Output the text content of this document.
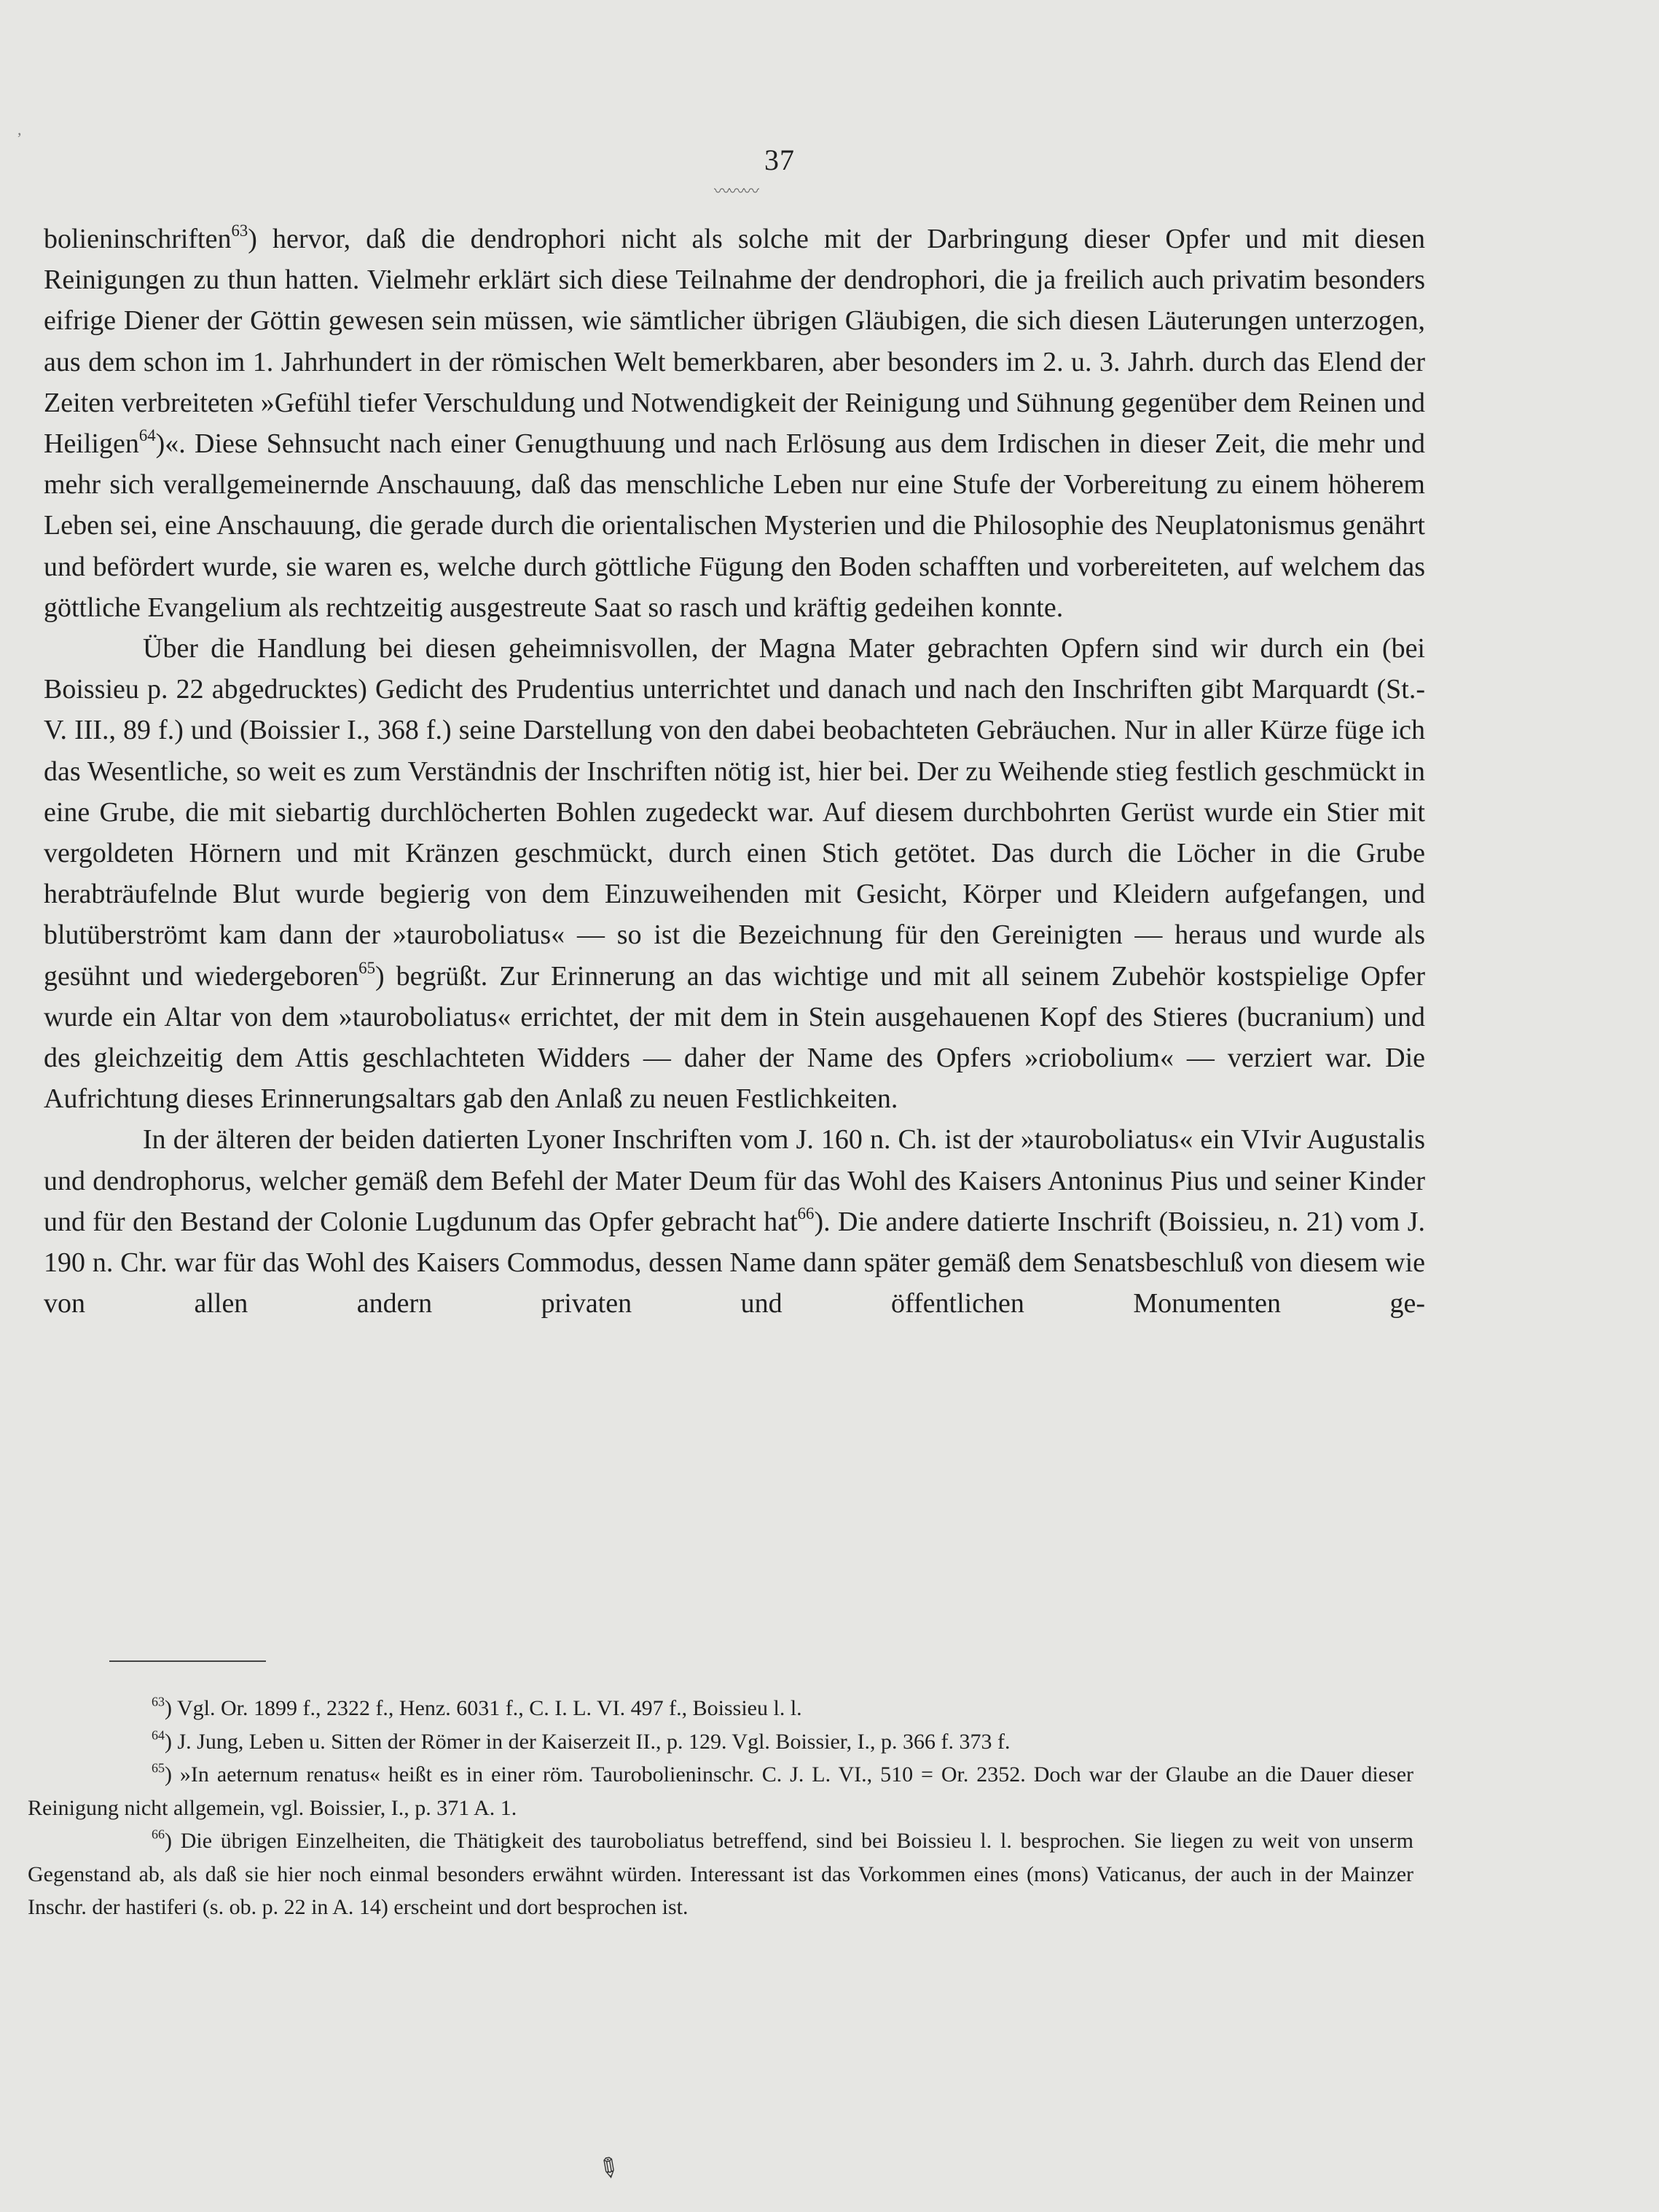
,
37
〰〰〰

bolieninschriften$^{63}$) hervor, daß die dendrophori nicht als solche mit der Darbringung dieser Opfer und mit diesen Reinigungen zu thun hatten. Vielmehr erklärt sich diese Teilnahme der dendrophori, die ja freilich auch privatim besonders eifrige Diener der Göttin gewesen sein müssen, wie sämtlicher übrigen Gläubigen, die sich diesen Läuterungen unterzogen, aus dem schon im 1. Jahrhundert in der römischen Welt bemerkbaren, aber besonders im 2. u. 3. Jahrh. durch das Elend der Zeiten verbreiteten »Gefühl tiefer Verschuldung und Notwendigkeit der Reinigung und Sühnung gegenüber dem Reinen und Heiligen$^{64}$)«. Diese Sehnsucht nach einer Genugthuung und nach Erlösung aus dem Irdischen in dieser Zeit, die mehr und mehr sich verallgemeinernde Anschauung, daß das menschliche Leben nur eine Stufe der Vorbereitung zu einem höherem Leben sei, eine Anschauung, die gerade durch die orientalischen Mysterien und die Philosophie des Neuplatonismus genährt und befördert wurde, sie waren es, welche durch göttliche Fügung den Boden schafften und vorbereiteten, auf welchem das göttliche Evangelium als rechtzeitig ausgestreute Saat so rasch und kräftig gedeihen konnte.

Über die Handlung bei diesen geheimnisvollen, der Magna Mater gebrachten Opfern sind wir durch ein (bei Boissieu p. 22 abgedrucktes) Gedicht des Prudentius unterrichtet und danach und nach den Inschriften gibt Marquardt (St.-V. III., 89 f.) und (Boissier I., 368 f.) seine Darstellung von den dabei beobachteten Gebräuchen. Nur in aller Kürze füge ich das Wesentliche, so weit es zum Verständnis der Inschriften nötig ist, hier bei. Der zu Weihende stieg festlich geschmückt in eine Grube, die mit siebartig durchlöcherten Bohlen zugedeckt war. Auf diesem durchbohrten Gerüst wurde ein Stier mit vergoldeten Hörnern und mit Kränzen geschmückt, durch einen Stich getötet. Das durch die Löcher in die Grube herabträufelnde Blut wurde begierig von dem Einzuweihenden mit Gesicht, Körper und Kleidern aufgefangen, und blutüberströmt kam dann der »tauroboliatus« — so ist die Bezeichnung für den Gereinigten — heraus und wurde als gesühnt und wiedergeboren$^{65}$) begrüßt. Zur Erinnerung an das wichtige und mit all seinem Zubehör kostspielige Opfer wurde ein Altar von dem »tauroboliatus« errichtet, der mit dem in Stein ausgehauenen Kopf des Stieres (bucranium) und des gleichzeitig dem Attis geschlachteten Widders — daher der Name des Opfers »criobolium« — verziert war. Die Aufrichtung dieses Erinnerungsaltars gab den Anlaß zu neuen Festlichkeiten.

In der älteren der beiden datierten Lyoner Inschriften vom J. 160 n. Ch. ist der »tauroboliatus« ein VIvir Augustalis und dendrophorus, welcher gemäß dem Befehl der Mater Deum für das Wohl des Kaisers Antoninus Pius und seiner Kinder und für den Bestand der Colonie Lugdunum das Opfer gebracht hat$^{66}$). Die andere datierte Inschrift (Boissieu, n. 21) vom J. 190 n. Chr. war für das Wohl des Kaisers Commodus, dessen Name dann später gemäß dem Senatsbeschluß von diesem wie von allen andern privaten und öffentlichen Monumenten ge-

$^{63}$) Vgl. Or. 1899 f., 2322 f., Henz. 6031 f., C. I. L. VI. 497 f., Boissieu l. l.

$^{64}$) J. Jung, Leben u. Sitten der Römer in der Kaiserzeit II., p. 129. Vgl. Boissier, I., p. 366 f. 373 f.

$^{65}$) »In aeternum renatus« heißt es in einer röm. Taurobolieninschr. C. J. L. VI., 510 = Or. 2352. Doch war der Glaube an die Dauer dieser Reinigung nicht allgemein, vgl. Boissier, I., p. 371 A. 1.

$^{66}$) Die übrigen Einzelheiten, die Thätigkeit des tauroboliatus betreffend, sind bei Boissieu l. l. besprochen. Sie liegen zu weit von unserm Gegenstand ab, als daß sie hier noch einmal besonders erwähnt würden. Interessant ist das Vorkommen eines (mons) Vaticanus, der auch in der Mainzer Inschr. der hastiferi (s. ob. p. 22 in A. 14) erscheint und dort besprochen ist.

✎
